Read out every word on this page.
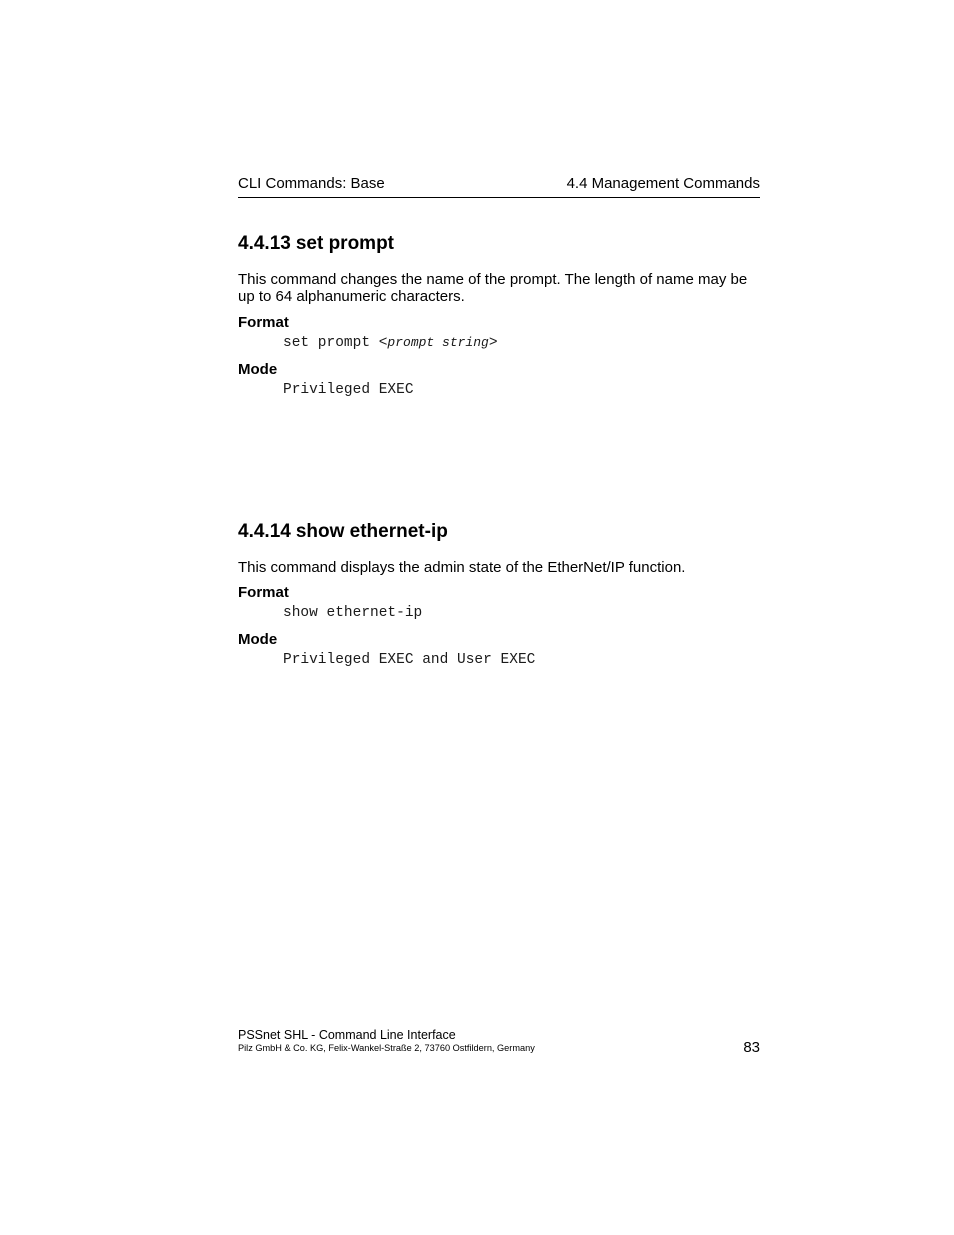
CLI Commands: Base	4.4 Management Commands
4.4.13 set prompt
This command changes the name of the prompt. The length of name may be up to 64 alphanumeric characters.
Format
set prompt <prompt string>
Mode
Privileged EXEC
4.4.14 show ethernet-ip
This command displays the admin state of the EtherNet/IP function.
Format
show ethernet-ip
Mode
Privileged EXEC and User EXEC
PSSnet SHL - Command Line Interface
Pilz GmbH & Co. KG, Felix-Wankel-Straße 2, 73760 Ostfildern, Germany	83
